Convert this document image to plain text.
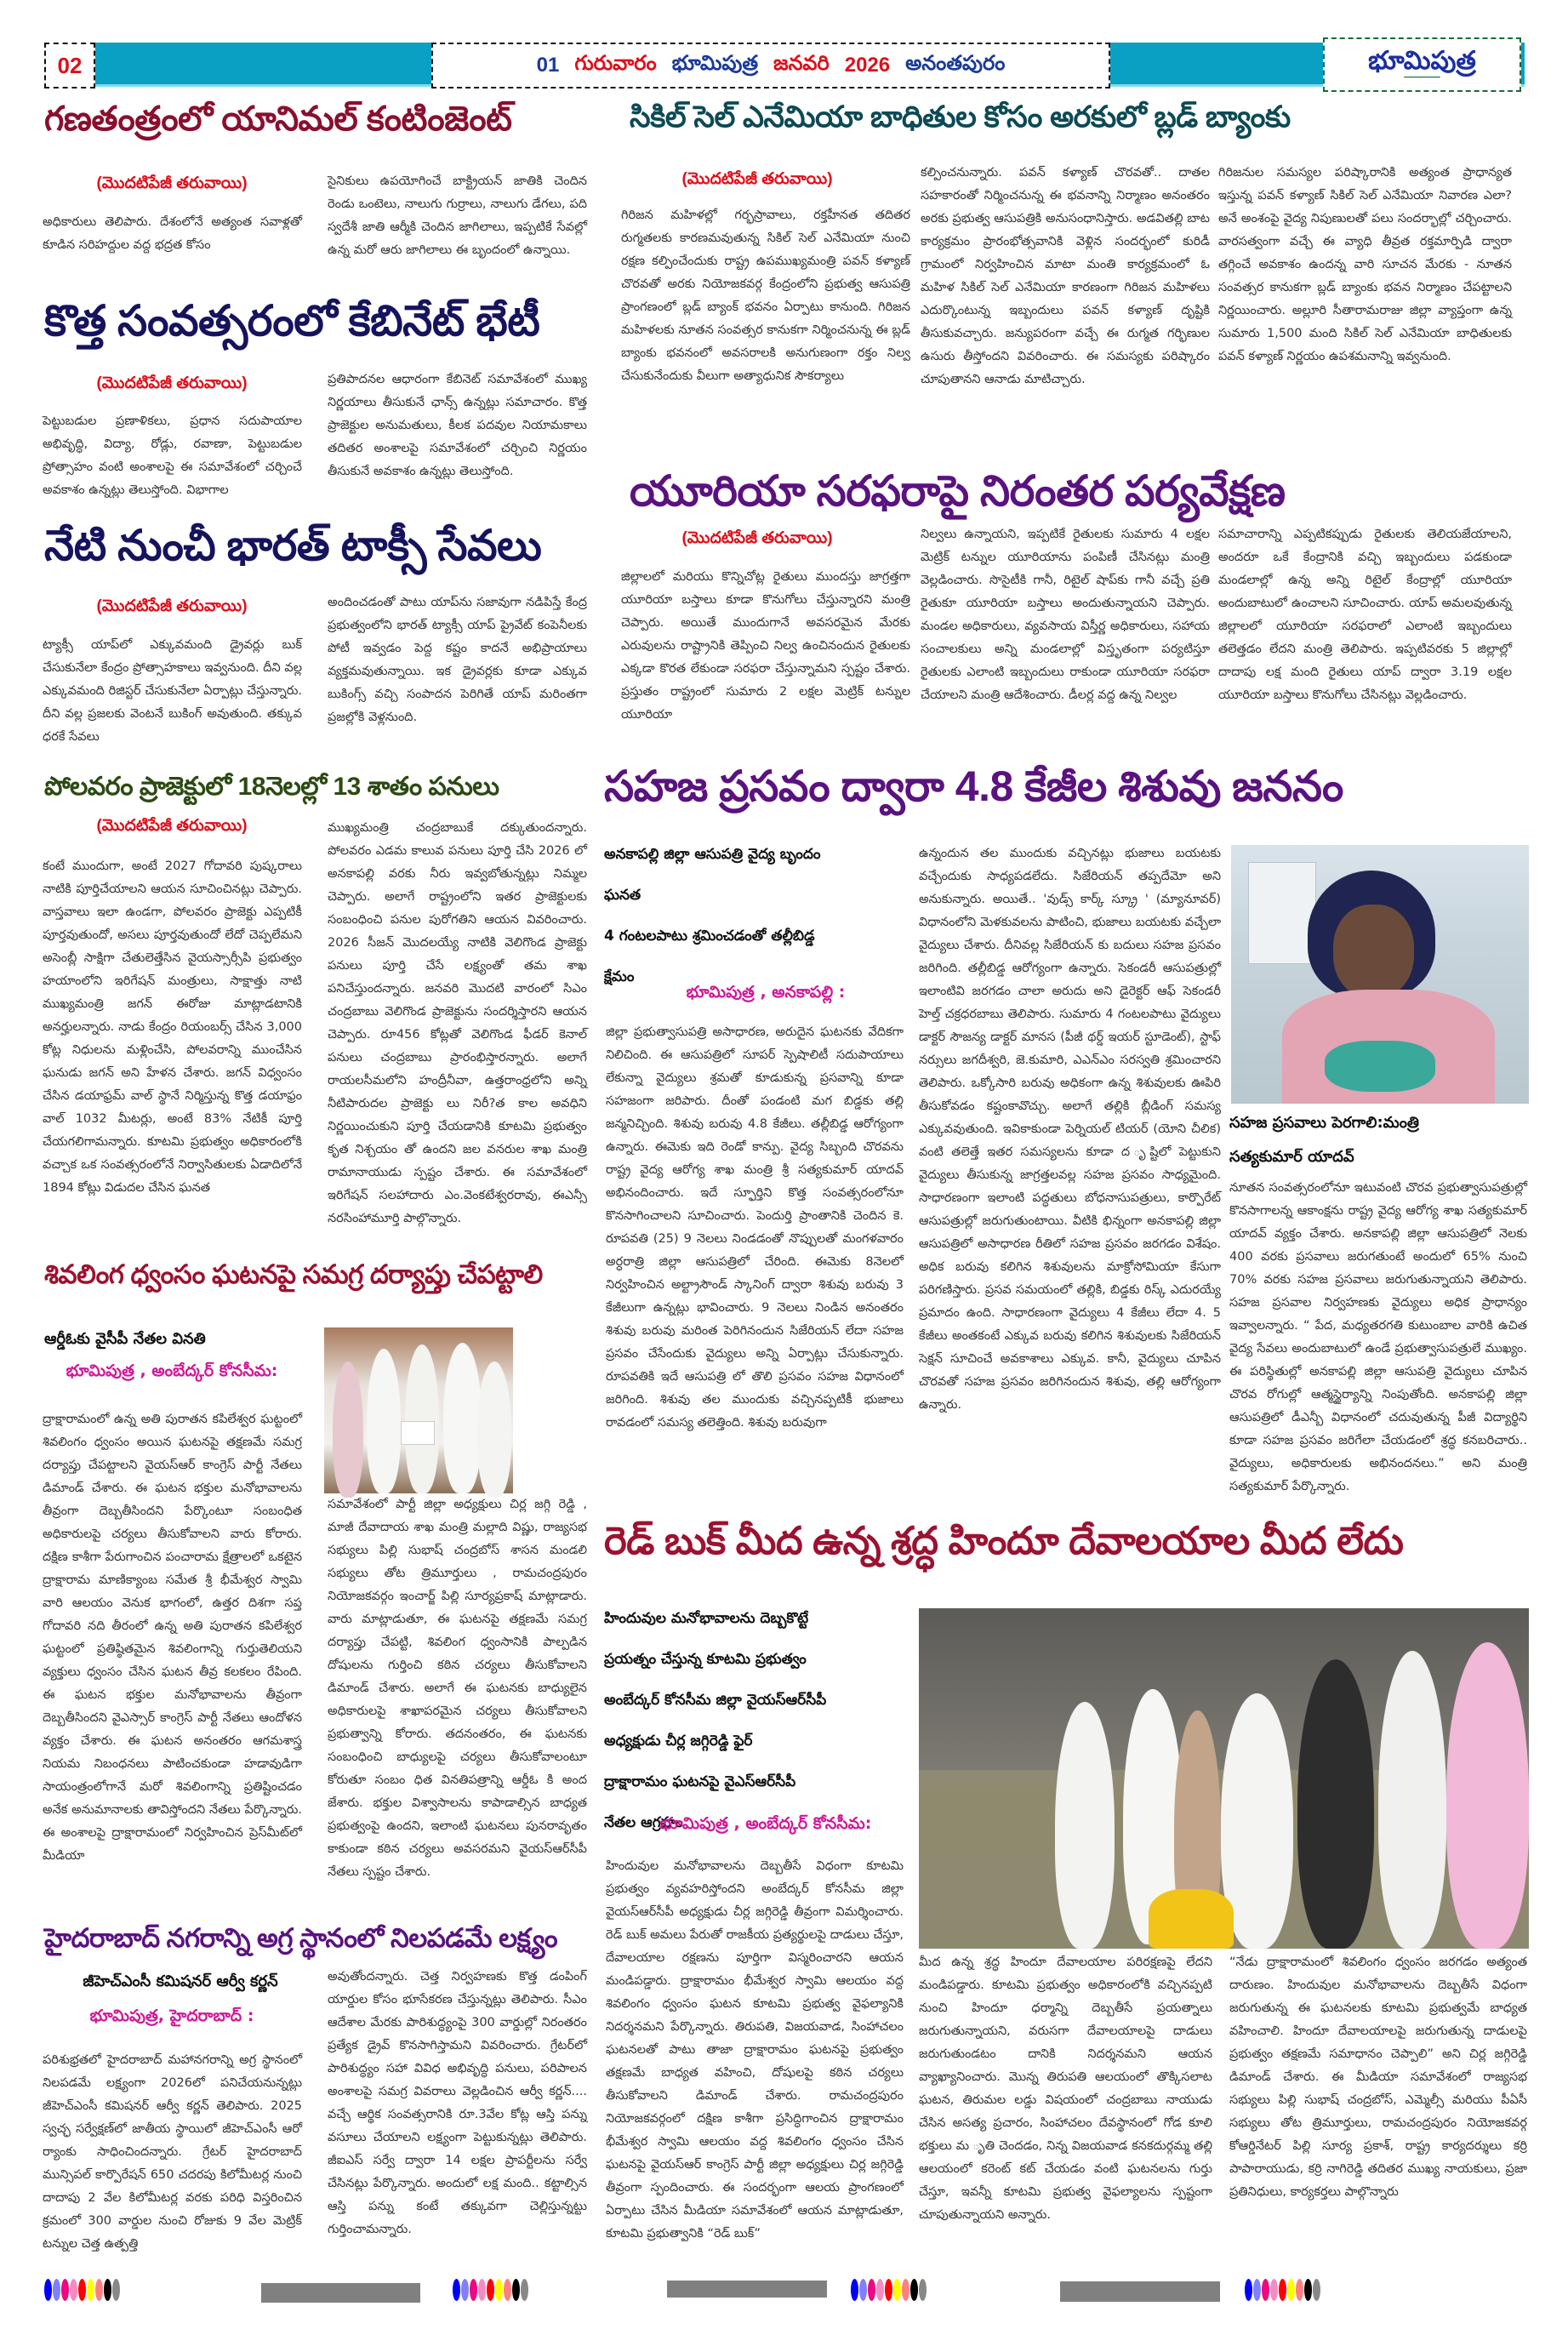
02	01 గురువారం భూమిపుత్ర జనవరి 2026 అనంతపురం	భూమిపుత్ర
━━━━━━━━━━
గణతంత్రంలో యానిమల్ కంటింజెంట్
(మొదటిపేజీ తరువాయి)
అధికారులు తెలిపారు. దేశంలోనే అత్యంత సవాళ్లతో కూడిన సరిహద్దుల వద్ద భద్రత కోసం
సైనికులు ఉపయోగించే బాక్ట్రియన్ జాతికి చెందిన రెండు ఒంటెలు, నాలుగు గుర్రాలు, నాలుగు డేగలు, పది స్వదేశీ జాతి ఆర్మీకి చెందిన జాగిలాలు, ఇప్పటికే సేవల్లో ఉన్న మరో ఆరు జాగిలాలు ఈ బృందంలో ఉన్నాయి.
కొత్త సంవత్సరంలో కేబినేట్ భేటీ
(మొదటిపేజీ తరువాయి)
పెట్టుబడుల ప్రణాళికలు, ప్రధాన సదుపాయాల అభివృద్ధి, విద్యా, రోడ్లు, రవాణా, పెట్టుబడుల ప్రోత్సాహం వంటి అంశాలపై ఈ సమావేశంలో చర్చించే అవకాశం ఉన్నట్లు తెలుస్తోంది. విభాగాల
ప్రతిపాదనల ఆధారంగా కేబినెట్ సమావేశంలో ముఖ్య నిర్ణయాలు తీసుకునే ఛాన్స్ ఉన్నట్లు సమాచారం. కొత్త ప్రాజెక్టుల అనుమతులు, కీలక పదవుల నియామకాలు తదితర అంశాలపై సమావేశంలో చర్చించి నిర్ణయం తీసుకునే అవకాశం ఉన్నట్లు తెలుస్తోంది.
నేటి నుంచీ భారత్ టాక్సీ సేవలు
(మొదటిపేజీ తరువాయి)
ట్యాక్సీ యాప్‌లో ఎక్కువమంది డ్రైవర్లు బుక్ చేసుకునేలా కేంద్రం ప్రోత్సాహకాలు ఇవ్వనుంది. దీని వల్ల ఎక్కువమంది రిజిస్టర్ చేసుకునేలా ఏర్పాట్లు చేస్తున్నారు. దీని వల్ల ప్రజలకు వెంటనే బుకింగ్ అవుతుంది. తక్కువ ధరకే సేవలు
అందించడంతో పాటు యాప్‌ను సజావుగా నడిపిస్తే కేంద్ర ప్రభుత్వంలోని భారత్ ట్యాక్సీ యాప్ ప్రైవేట్ కంపెనీలకు పోటీ ఇవ్వడం పెద్ద కష్టం కాదనే అభిప్రాయాలు వ్యక్తమవుతున్నాయి. ఇక డ్రైవర్లకు కూడా ఎక్కువ బుకింగ్స్ వచ్చి సంపాదన పెరిగితే యాప్ మరింతగా ప్రజల్లోకి వెళ్లనుంది.
పోలవరం ప్రాజెక్టులో 18నెలల్లో 13 శాతం పనులు
(మొదటిపేజీ తరువాయి)
కంటే ముందుగా, అంటే 2027 గోదావరి పుష్కరాలు నాటికి పూర్తిచేయాలని ఆయన సూచించినట్లు చెప్పారు. వాస్తవాలు ఇలా ఉండగా, పోలవరం ప్రాజెక్టు ఎప్పటికీ పూర్తవుతుందో, అసలు పూర్తవుతుందో లేదో చెప్పలేమని అసెంబ్లీ సాక్షిగా చేతులెత్తేసిన వైయస్సార్సీపి ప్రభుత్వం హయాంలోని ఇరిగేషన్ మంత్రులు, సాక్షాత్తు నాటి ముఖ్యమంత్రి జగన్ ఈరోజు మాట్లాడటానికి అనర్హులన్నారు. నాడు కేంద్రం రియంబర్స్ చేసిన 3,000 కోట్ల నిధులను మళ్లించేసి, పోలవరాన్ని ముంచేసిన ఘనుడు జగన్ అని హేళన చేశారు. జగన్ విధ్వంసం చేసిన డయాఫ్రమ్ వాల్ స్థానే నిర్మిస్తున్న కొత్త డయాఫ్రం వాల్ 1032 మీటర్లు, అంటే 83% నేటికీ పూర్తి చేయగలిగామన్నారు. కూటమి ప్రభుత్వం అధికారంలోకి వచ్చాక ఒక సంవత్సరంలోనే నిర్వాసితులకు ఏడాదిలోనే 1894 కోట్లు విడుదల చేసిన ఘనత
ముఖ్యమంత్రి చంద్రబాబుకే దక్కుతుందన్నారు. పోలవరం ఎడమ కాలువ పనులు పూర్తి చేసి 2026 లో అనకాపల్లి వరకు నీరు ఇవ్వబోతున్నట్లు నిమ్మల చెప్పారు. అలాగే రాష్ట్రంలోని ఇతర ప్రాజెక్టులకు సంబంధించి పనుల పురోగతిని ఆయన వివరించారు. 2026 సీజన్ మొదలయ్యే నాటికి వెలిగొండ ప్రాజెక్టు పనులు పూర్తి చేసే లక్ష్యంతో తమ శాఖ పనిచేస్తుందన్నారు. జనవరి మొదటి వారంలో సిఎం చంద్రబాబు వెలిగొండ ప్రాజెక్టును సందర్శిస్తారని ఆయన చెప్పారు. రూ456 కోట్లతో వెలిగొండ ఫీడర్ కెనాల్ పనులు చంద్రబాబు ప్రారంభిస్తారన్నారు. అలాగే రాయలసీమలోని హంద్రీనీవా, ఉత్తరాంధ్రలోని అన్ని నీటిపారుదల ప్రాజెక్టు లు నిరీ?త కాల అవధిని నిర్ణయించుకుని పూర్తి చేయడానికి కూటమి ప్రభుత్వం కృత నిశ్చయం తో ఉందని జల వనరుల శాఖ మంత్రి రామానాయుడు స్పష్టం చేశారు. ఈ సమావేశంలో ఇరిగేషన్ సలహాదారు ఎం.వెంకటేశ్వరరావు, ఈఎన్సీ నరసింహామూర్తి పాల్గొన్నారు.
శివలింగ ధ్వంసం ఘటనపై సమగ్ర దర్యాప్తు చేపట్టాలి
ఆర్డీఓకు వైసీపీ నేతల వినతి
భూమిపుత్ర , అంబేద్కర్ కోనసీమ:
ద్రాక్షారామంలో ఉన్న అతి పురాతన కపిలేశ్వర ఘట్టంలో శివలింగం ధ్వంసం అయిన ఘటనపై తక్షణమే సమగ్ర దర్యాప్తు చేపట్టాలని వైయస్ఆర్ కాంగ్రెస్ పార్టీ నేతలు డిమాండ్ చేశారు. ఈ ఘటన భక్తుల మనోభావాలను తీవ్రంగా దెబ్బతీసిందని పేర్కొంటూ సంబంధిత అధికారులపై చర్యలు తీసుకోవాలని వారు కోరారు. దక్షిణ కాశీగా పేరుగాంచిన పంచారామ క్షేత్రాలలో ఒకటైన ద్రాక్షారామ మాణిక్యాంబ సమేత శ్రీ భీమేశ్వర స్వామి వారి ఆలయం వెనుక భాగంలో, ఉత్తర దిశగా సప్త గోదావరి నది తీరంలో ఉన్న అతి పురాతన కపిలేశ్వర ఘట్టంలో ప్రతిష్ఠితమైన శివలింగాన్ని గుర్తుతెలియని వ్యక్తులు ధ్వంసం చేసిన ఘటన తీవ్ర కలకలం రేపింది. ఈ ఘటన భక్తుల మనోభావాలను తీవ్రంగా దెబ్బతీసిందని వైఎస్సార్ కాంగ్రెస్ పార్టీ నేతలు ఆందోళన వ్యక్తం చేశారు. ఈ ఘటన అనంతరం ఆగమశాస్త్ర నియమ నిబంధనలు పాటించకుండా హడావుడిగా సాయంత్రంలోగానే మరో శివలింగాన్ని ప్రతిష్టించడం అనేక అనుమానాలకు తావిస్తోందని నేతలు పేర్కొన్నారు. ఈ అంశాలపై ద్రాక్షారామంలో నిర్వహించిన ప్రెస్‌మీట్‌లో మీడియా
సమావేశంలో పార్టీ జిల్లా అధ్యక్షులు చిర్ల జగ్గి రెడ్డి , మాజీ దేవాదాయ శాఖ మంత్రి మల్లాది విష్ణు, రాజ్యసభ సభ్యులు పిల్లి సుభాష్ చంద్రబోస్ శాసన మండలి సభ్యులు తోట త్రిమూర్తులు , రామచంద్రపురం నియోజకవర్గం ఇంచార్జ్ పిల్లి సూర్యప్రకాష్ మాట్లాడారు. వారు మాట్లాడుతూ, ఈ ఘటనపై తక్షణమే సమగ్ర దర్యాప్తు చేపట్టి, శివలింగ ధ్వంసానికి పాల్పడిన దోషులను గుర్తించి కఠిన చర్యలు తీసుకోవాలని డిమాండ్ చేశారు. అలాగే ఈ ఘటనకు బాధ్యులైన అధికారులపై శాఖాపరమైన చర్యలు తీసుకోవాలని ప్రభుత్వాన్ని కోరారు. తదనంతరం, ఈ ఘటనకు సంబంధించి బాధ్యులపై చర్యలు తీసుకోవాలంటూ కోరుతూ సంబం ధిత వినతిపత్రాన్ని ఆర్డీఓ కి అంద జేశారు. భక్తుల విశ్వాసాలను కాపాడాల్సిన బాధ్యత ప్రభుత్వంపై ఉందని, ఇలాంటి ఘటనలు పునరావృతం కాకుండా కఠిన చర్యలు అవసరమని వైయస్ఆర్‌సీపీ నేతలు స్పష్టం చేశారు.
హైదరాబాద్ నగరాన్ని అగ్ర స్థానంలో నిలపడమే లక్ష్యం
జీహెచ్ఎంసీ కమిషనర్ ఆర్వీ కర్ణన్
భూమిపుత్ర, హైదరాబాద్ :
పరిశుభ్రతలో హైదరాబాద్ మహానగరాన్ని అగ్ర స్థానంలో నిలపడమే లక్ష్యంగా 2026లో పనిచేయనున్నట్లు జీహెచ్ఎంసీ కమిషనర్ ఆర్వీ కర్ణన్ తెలిపారు. 2025 స్వచ్ఛ సర్వేక్షణ్‌లో జాతీయ స్థాయిలో జీహెచ్ఎంసీ ఆరో ర్యాంకు సాధించిందన్నారు. గ్రేటర్ హైదరాబాద్ మున్సిపల్ కార్పొరేషన్ 650 చదరపు కిలోమీటర్ల నుంచి దాదాపు 2 వేల కిలోమీటర్ల వరకు పరిధి విస్తరించిన క్రమంలో 300 వార్డుల నుంచి రోజుకు 9 వేల మెట్రిక్ టన్నుల చెత్త ఉత్పత్తి
అవుతోందన్నారు. చెత్త నిర్వహణకు కొత్త డంపింగ్ యార్డుల కోసం భూసేకరణ చేస్తున్నట్లు తెలిపారు. సీఎం ఆదేశాల మేరకు పారిశుద్ధ్యంపై 300 వార్డుల్లో నిరంతరం ప్రత్యేక డ్రైవ్ కొనసాగిస్తామని వివరించారు. గ్రేటర్‌లో పారిశుద్ధ్యం సహా వివిధ అభివృద్ధి పనులు, పరిపాలన అంశాలపై సమగ్ర వివరాలు వెల్లడించిన ఆర్వీ కర్ణన్.... వచ్చే ఆర్థిక సంవత్సరానికి రూ.3వేల కోట్ల ఆస్తి పన్ను వసూలు చేయాలని లక్ష్యంగా పెట్టుకున్నట్లు తెలిపారు. జీఐఎస్ సర్వే ద్వారా 14 లక్షల ప్రాపర్టీలను సర్వే చేసినట్లు పేర్కొన్నారు. అందులో లక్ష మంది.. కట్టాల్సిన ఆస్తి పన్ను కంటే తక్కువగా చెల్లిస్తున్నట్టు గుర్తించామన్నారు.
సికిల్ సెల్ ఎనేమియా బాధితుల కోసం అరకులో బ్లడ్ బ్యాంకు
(మొదటిపేజీ తరువాయి)
గిరిజన మహిళల్లో గర్భస్రావాలు, రక్తహీనత తదితర రుగ్మతలకు కారణమవుతున్న సికిల్ సెల్ ఎనేమియా నుంచి రక్షణ కల్పించేందుకు రాష్ట్ర ఉపముఖ్యమంత్రి పవన్ కళ్యాణ్ చొరవతో అరకు నియోజకవర్గ కేంద్రంలోని ప్రభుత్వ ఆసుపత్రి ప్రాంగణంలో బ్లడ్ బ్యాంక్ భవనం ఏర్పాటు కానుంది. గిరిజన మహిళలకు నూతన సంవత్సర కానుకగా నిర్మించనున్న ఈ బ్లడ్ బ్యాంకు భవనంలో అవసరాలకి అనుగుణంగా రక్తం నిల్వ చేసుకునేందుకు వీలుగా అత్యాధునిక సౌకర్యాలు
కల్పించనున్నారు. పవన్ కళ్యాణ్ చొరవతో.. దాతల సహకారంతో నిర్మించనున్న ఈ భవనాన్ని నిర్మాణం అనంతరం అరకు ప్రభుత్వ ఆసుపత్రికి అనుసంధానిస్తారు. అడవితల్లి బాట కార్యక్రమం ప్రారంభోత్సవానికి వెళ్లిన సందర్భంలో కురిడీ గ్రామంలో నిర్వహించిన మాటా మంతి కార్యక్రమంలో ఓ మహిళ సికిల్ సెల్ ఎనేమియా కారణంగా గిరిజన మహిళలు ఎదుర్కొంటున్న ఇబ్బందులు పవన్ కళ్యాణ్ దృష్టికి తీసుకువచ్చారు. జన్యుపరంగా వచ్చే ఈ రుగ్మత గర్భిణుల ఉసురు తీస్తోందని వివరించారు. ఈ సమస్యకు పరిష్కారం చూపుతానని ఆనాడు మాటిచ్చారు.
గిరిజనుల సమస్యల పరిష్కారానికి అత్యంత ప్రాధాన్యత ఇస్తున్న పవన్ కళ్యాణ్ సికిల్ సెల్ ఎనేమియా నివారణ ఎలా? అనే అంశంపై వైద్య నిపుణులతో పలు సందర్భాల్లో చర్చించారు. వారసత్వంగా వచ్చే ఈ వ్యాధి తీవ్రత రక్తమార్పిడి ద్వారా తగ్గించే అవకాశం ఉందన్న వారి సూచన మేరకు - నూతన సంవత్సర కానుకగా బ్లడ్ బ్యాంకు భవన నిర్మాణం చేపట్టాలని నిర్ణయించారు. అల్లూరి సీతారామరాజు జిల్లా వ్యాప్తంగా ఉన్న సుమారు 1,500 మంది సికిల్ సెల్ ఎనేమియా బాధితులకు పవన్ కళ్యాణ్ నిర్ణయం ఉపశమనాన్ని ఇవ్వనుంది.
యూరియా సరఫరాపై నిరంతర పర్యవేక్షణ
(మొదటిపేజీ తరువాయి)
జిల్లాలలో మరియు కొన్నిచోట్ల రైతులు ముందస్తు జాగ్రత్తగా యూరియా బస్తాలు కూడా కొనుగోలు చేస్తున్నారని మంత్రి చెప్పారు. అయితే ముందుగానే అవసరమైన మేరకు ఎరువులను రాష్ట్రానికి తెప్పించి నిల్వ ఉంచినందున రైతులకు ఎక్కడా కొరత లేకుండా సరఫరా చేస్తున్నామని స్పష్టం చేశారు. ప్రస్తుతం రాష్ట్రంలో సుమారు 2 లక్షల మెట్రిక్ టన్నుల యూరియా
నిల్వలు ఉన్నాయని, ఇప్పటికే రైతులకు సుమారు 4 లక్షల మెట్రిక్ టన్నుల యూరియాను పంపిణీ చేసినట్లు మంత్రి వెల్లడించారు. సొసైటీకి గానీ, రిటైల్ షాప్‌కు గానీ వచ్చే ప్రతి రైతుకూ యూరియా బస్తాలు అందుతున్నాయని చెప్పారు. మండల అధికారులు, వ్యవసాయ విస్తీర్ణ అధికారులు, సహాయ సంచాలకులు అన్ని మండలాల్లో విస్తృతంగా పర్యటిస్తూ రైతులకు ఎలాంటి ఇబ్బందులు రాకుండా యూరియా సరఫరా చేయాలని మంత్రి ఆదేశించారు. డీలర్ల వద్ద ఉన్న నిల్వల
సమాచారాన్ని ఎప్పటికప్పుడు రైతులకు తెలియజేయాలని, అందరూ ఒకే కేంద్రానికి వచ్చి ఇబ్బందులు పడకుండా మండలాల్లో ఉన్న అన్ని రిటైల్ కేంద్రాల్లో యూరియా అందుబాటులో ఉంచాలని సూచించారు. యాప్ అమలవుతున్న జిల్లాలలో యూరియా సరఫరాలో ఎలాంటి ఇబ్బందులు తలెత్తడం లేదని మంత్రి తెలిపారు. ఇప్పటివరకు 5 జిల్లాల్లో దాదాపు లక్ష మంది రైతులు యాప్ ద్వారా 3.19 లక్షల యూరియా బస్తాలు కొనుగోలు చేసినట్లు వెల్లడించారు.
సహజ ప్రసవం ద్వారా 4.8 కేజీల శిశువు జననం
అనకాపల్లి జిల్లా ఆసుపత్రి వైద్య బృందం
ఘనత
4 గంటలపాటు శ్రమించడంతో తల్లీబిడ్డ
క్షేమం
భూమిపుత్ర , అనకాపల్లి :
జిల్లా ప్రభుత్వాసుపత్రి అసాధారణ, అరుదైన ఘటనకు వేదికగా నిలిచింది. ఈ ఆసుపత్రిలో సూపర్ స్పెషాలిటీ సదుపాయాలు లేకున్నా వైద్యులు శ్రమతో కూడుకున్న ప్రసవాన్ని కూడా సహజంగా జరిపారు. దీంతో పండంటి మగ బిడ్డకు తల్లి జన్మనిచ్చింది. శిశువు బరువు 4.8 కేజీలు. తల్లీబిడ్డ ఆరోగ్యంగా ఉన్నారు. ఈమెకు ఇది రెండో కాన్పు. వైద్య సిబ్బంది చొరవను రాష్ట్ర వైద్య ఆరోగ్య శాఖ మంత్రి శ్రీ సత్యకుమార్ యాదవ్ అభినందించారు. ఇదే స్ఫూర్తిని కొత్త సంవత్సరంలోనూ కొనసాగించాలని సూచించారు. పెందుర్తి ప్రాంతానికి చెందిన కె. రూపవతి (25) 9 నెలలు నిండడంతో నొప్పులతో మంగళవారం అర్ధరాత్రి జిల్లా ఆసుపత్రిలో చేరింది. ఈమెకు 8నెలలో నిర్వహించిన అల్ట్రాసౌండ్ స్కానింగ్ ద్వారా శిశువు బరువు 3 కేజీలుగా ఉన్నట్లు భావించారు. 9 నెలలు నిండిన అనంతరం శిశువు బరువు మరింత పెరిగినందున సిజేరియన్ లేదా సహజ ప్రసవం చేసేందుకు వైద్యులు అన్ని ఏర్పాట్లు చేసుకున్నారు. రూపవతికి ఇదే ఆసుపత్రి లో తొలి ప్రసవం సహజ విధానంలో జరిగింది. శిశువు తల ముందుకు వచ్చినప్పటికీ భుజాలు రావడంలో సమస్య తలెత్తింది. శిశువు బరువుగా
ఉన్నందున తల ముందుకు వచ్చినట్లు భుజాలు బయటకు వచ్చేందుకు సాధ్యపడలేదు. సిజేరియన్ తప్పదేమో అని అనుకున్నారు. అయితే.. 'వుడ్స్ కార్క్ స్క్రూ ' (మ్యానూవర్) విధానంలోని మెళకువలను పాటించి, భుజాలు బయటకు వచ్చేలా వైద్యులు చేశారు. దీనివల్ల సిజేరియన్ కు బదులు సహజ ప్రసవం జరిగింది. తల్లీబిడ్డ ఆరోగ్యంగా ఉన్నారు. సెకండరీ ఆసుపత్రుల్లో ఇలాంటివి జరగడం చాలా అరుదు అని డైరెక్టర్ ఆఫ్ సెకండరీ హెల్త్ చక్రధరబాబు తెలిపారు. సుమారు 4 గంటలపాటు వైద్యులు డాక్టర్ సౌజన్య డాక్టర్ మానస (పీజీ థర్డ్ ఇయర్ స్టూడెంట్), స్టాఫ్ నర్సులు జగదీశ్వరి, జె.కుమారి, ఎఎన్ఎం సరస్వతి శ్రమించారని తెలిపారు. ఒక్కోసారి బరువు అధికంగా ఉన్న శిశువులకు ఊపిరి తీసుకోవడం కష్టంకావొచ్చు. అలాగే తల్లికి బ్లీడింగ్ సమస్య ఎక్కువవుతుంది. ఇవికాకుండా పెర్నియల్ టియర్ (యోని చీలిక) వంటి తలెత్తే ఇతర సమస్యలను కూడా ద ృష్టిలో పెట్టుకుని వైద్యులు తీసుకున్న జాగ్రత్తలవల్ల సహజ ప్రసవం సాధ్యమైంది. సాధారణంగా ఇలాంటి పద్ధతులు బోధనాసుపత్రులు, కార్పొరేట్ ఆసుపత్రుల్లో జరుగుతుంటాయి. వీటికి భిన్నంగా అనకాపల్లి జిల్లా ఆసుపత్రిలో అసాధారణ రీతిలో సహజ ప్రసవం జరగడం విశేషం. అధిక బరువు కలిగిన శిశువులను మాక్రోసోమియా కేసుగా పరిగణిస్తారు. ప్రసవ సమయంలో తల్లికి, బిడ్డకు రిస్క్ ఎదురయ్యే ప్రమాదం ఉంది. సాధారణంగా వైద్యులు 4 కేజీలు లేదా 4. 5 కేజీలు అంతకంటే ఎక్కువ బరువు కలిగిన శిశువులకు సిజేరియన్ సెక్షన్ సూచించే అవకాశాలు ఎక్కువ. కానీ, వైద్యులు చూపిన చొరవతో సహజ ప్రసవం జరిగినందున శిశువు, తల్లి ఆరోగ్యంగా ఉన్నారు.
సహజ ప్రసవాలు పెరగాలి:మంత్రి
సత్యకుమార్ యాదవ్
నూతన సంవత్సరంలోనూ ఇటువంటి చొరవ ప్రభుత్వాసుపత్రుల్లో కొనసాగాలన్న ఆకాంక్షను రాష్ట్ర వైద్య ఆరోగ్య శాఖ సత్యకుమార్ యాదవ్ వ్యక్తం చేశారు. అనకాపల్లి జిల్లా ఆసుపత్రిలో నెలకు 400 వరకు ప్రసవాలు జరుగతుంటే అందులో 65% నుంచి 70% వరకు సహజ ప్రసవాలు జరుగుతున్నాయని తెలిపారు. సహజ ప్రసవాల నిర్వహణకు వైద్యులు అధిక ప్రాధాన్యం ఇవ్వాలన్నారు. “ పేద, మధ్యతరగతి కుటుంబాల వారికి ఉచిత వైద్య సేవలు అందుబాటులో ఉండే ప్రభుత్వాసుపత్రులే ముఖ్యం. ఈ పరిస్థితుల్లో అనకాపల్లి జిల్లా ఆసుపత్రి వైద్యులు చూపిన చొరవ రోగుల్లో ఆత్మస్థైర్యాన్ని నింపుతోంది. అనకాపల్లి జిల్లా ఆసుపత్రిలో డీఎన్బీ విధానంలో చదువుతున్న పీజీ విద్యార్థిని కూడా సహజ ప్రసవం జరిగేలా చేయడంలో శ్రద్ధ కనబరిచారు.. వైద్యులు, అధికారులకు అభినందనలు.” అని మంత్రి సత్యకుమార్ పేర్కొన్నారు.
రెడ్ బుక్ మీద ఉన్న శ్రద్ధ హిందూ దేవాలయాల మీద లేదు
హిందువుల మనోభావాలను దెబ్బకొట్టే
ప్రయత్నం చేస్తున్న కూటమి ప్రభుత్వం
అంబేద్కర్ కోనసీమ జిల్లా వైయస్ఆర్‌సీపీ
అధ్యక్షుడు చీర్ల జగ్గిరెడ్డి ఫైర్
ద్రాక్షారామం ఘటనపై వైఎస్ఆర్‌సీపీ
నేతల ఆగ్రహం
భూమిపుత్ర , అంబేద్కర్ కోనసీమ:
హిందువుల మనోభావాలను దెబ్బతీసే విధంగా కూటమి ప్రభుత్వం వ్యవహరిస్తోందని అంబేద్కర్ కోనసీమ జిల్లా వైయస్ఆర్‌సీపీ అధ్యక్షుడు చీర్ల జగ్గిరెడ్డి తీవ్రంగా విమర్శించారు. రెడ్ బుక్ అమలు పేరుతో రాజకీయ ప్రత్యర్థులపై దాడులు చేస్తూ, దేవాలయాల రక్షణను పూర్తిగా విస్మరించారని ఆయన మండిపడ్డారు. ద్రాక్షారామం భీమేశ్వర స్వామి ఆలయం వద్ద శివలింగం ధ్వంసం ఘటన కూటమి ప్రభుత్వ వైఫల్యానికి నిదర్శనమని పేర్కొన్నారు. తిరుపతి, విజయవాడ, సింహాచలం ఘటనలతో పాటు తాజా ద్రాక్షారామం ఘటనపై ప్రభుత్వం తక్షణమే బాధ్యత వహించి, దోషులపై కఠిన చర్యలు తీసుకోవాలని డిమాండ్ చేశారు. రామచంద్రపురం నియోజకవర్గంలో దక్షిణ కాశీగా ప్రసిద్ధిగాంచిన ద్రాక్షారామం భీమేశ్వర స్వామి ఆలయం వద్ద శివలింగం ధ్వంసం చేసిన ఘటనపై వైయస్ఆర్ కాంగ్రెస్ పార్టీ జిల్లా అధ్యక్షులు చిర్ల జగ్గిరెడ్డి తీవ్రంగా స్పందించారు. ఈ సందర్భంగా ఆలయ ప్రాంగణంలో ఏర్పాటు చేసిన మీడియా సమావేశంలో ఆయన మాట్లాడుతూ, కూటమి ప్రభుత్వానికి “రెడ్ బుక్”
మీద ఉన్న శ్రద్ధ హిందూ దేవాలయాల పరిరక్షణపై లేదని మండిపడ్డారు. కూటమి ప్రభుత్వం అధికారంలోకి వచ్చినప్పటి నుంచి హిందూ ధర్మాన్ని దెబ్బతీసే ప్రయత్నాలు జరుగుతున్నాయని, వరుసగా దేవాలయాలపై దాడులు జరుగుతుండటం దానికి నిదర్శనమని ఆయన వ్యాఖ్యానించారు. మొన్న తిరుపతి ఆలయంలో తొక్కిసలాట ఘటన, తిరుమల లడ్డు విషయంలో చంద్రబాబు నాయుడు చేసిన అసత్య ప్రచారం, సింహాచలం దేవస్థానంలో గోడ కూలి భక్తులు మ ృతి చెందడం, నిన్న విజయవాడ కనకదుర్గమ్మ తల్లి ఆలయంలో కరెంట్ కట్ చేయడం వంటి ఘటనలను గుర్తు చేస్తూ, ఇవన్నీ కూటమి ప్రభుత్వ వైఫల్యాలను స్పష్టంగా చూపుతున్నాయని అన్నారు.
“నేడు ద్రాక్షారామంలో శివలింగం ధ్వంసం జరగడం అత్యంత దారుణం. హిందువుల మనోభావాలను దెబ్బతీసే విధంగా జరుగుతున్న ఈ ఘటనలకు కూటమి ప్రభుత్వమే బాధ్యత వహించాలి. హిందూ దేవాలయాలపై జరుగుతున్న దాడులపై ప్రభుత్వం తక్షణమే సమాధానం చెప్పాలి” అని చిర్ల జగ్గిరెడ్డి డిమాండ్ చేశారు. ఈ మీడియా సమావేశంలో రాజ్యసభ సభ్యులు పిల్లి సుభాష్ చంద్రబోస్, ఎమ్మెల్సీ మరియు పీఏసీ సభ్యులు తోట త్రిమూర్తులు, రామచంద్రపురం నియోజకవర్గ కోఆర్డినేటర్ పిల్లి సూర్య ప్రకాశ్, రాష్ట్ర కార్యదర్శులు కర్రి పాపారాయుడు, కర్రి నాగిరెడ్డి తదితర ముఖ్య నాయకులు, ప్రజా ప్రతినిధులు, కార్యకర్తలు పాల్గొన్నారు
